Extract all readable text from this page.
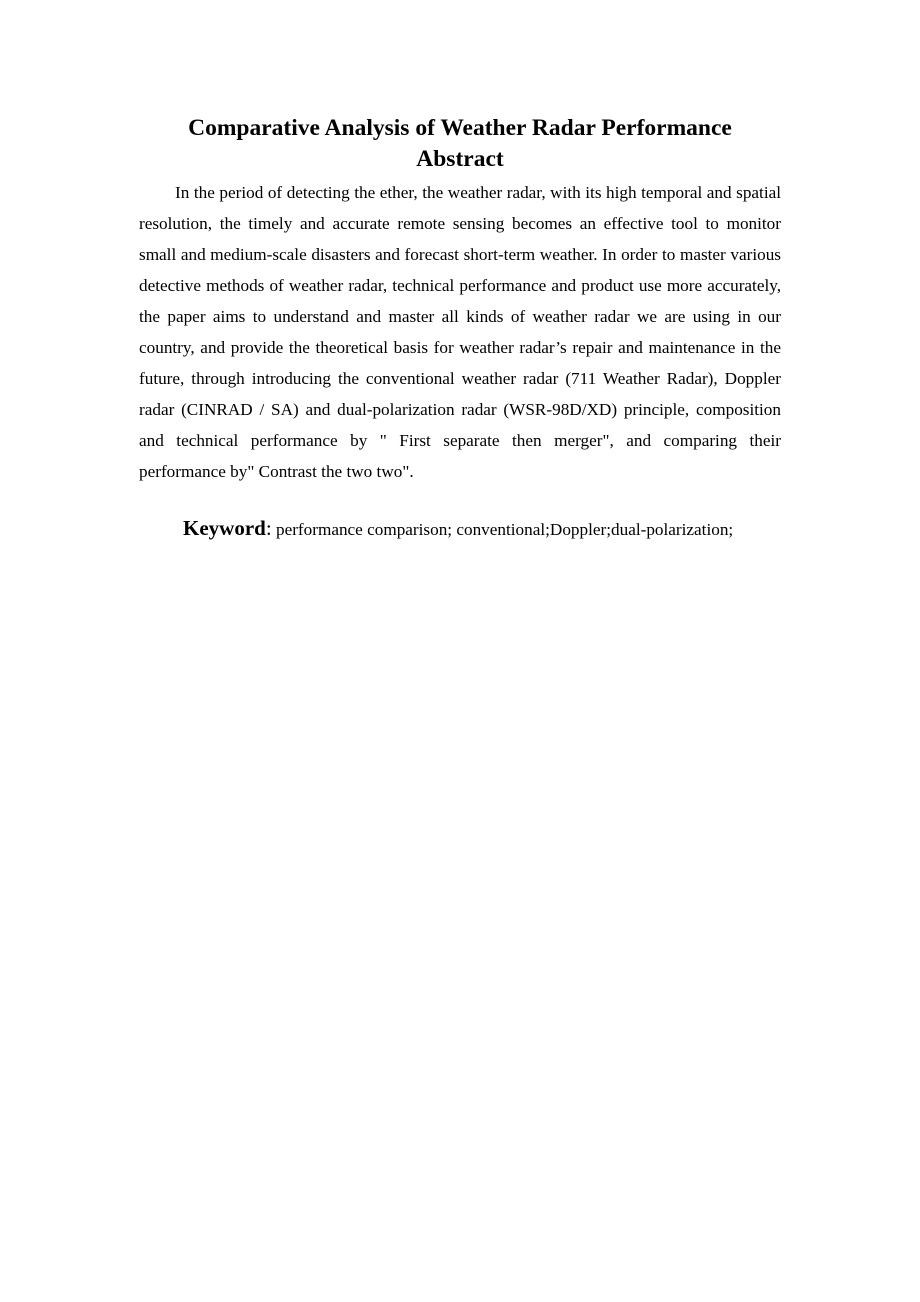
Comparative Analysis of Weather Radar Performance
Abstract

In the period of detecting the ether, the weather radar, with its high temporal and spatial resolution, the timely and accurate remote sensing becomes an effective tool to monitor small and medium-scale disasters and forecast short-term weather. In order to master various detective methods of weather radar, technical performance and product use more accurately, the paper aims to understand and master all kinds of weather radar we are using in our country, and provide the theoretical basis for weather radar’s repair and maintenance in the future, through introducing the conventional weather radar (711 Weather Radar), Doppler radar (CINRAD / SA) and dual-polarization radar (WSR-98D/XD) principle, composition and technical performance by " First separate then merger", and comparing their performance by" Contrast the two two".

Keyword: performance comparison; conventional;Doppler;dual-polarization;
